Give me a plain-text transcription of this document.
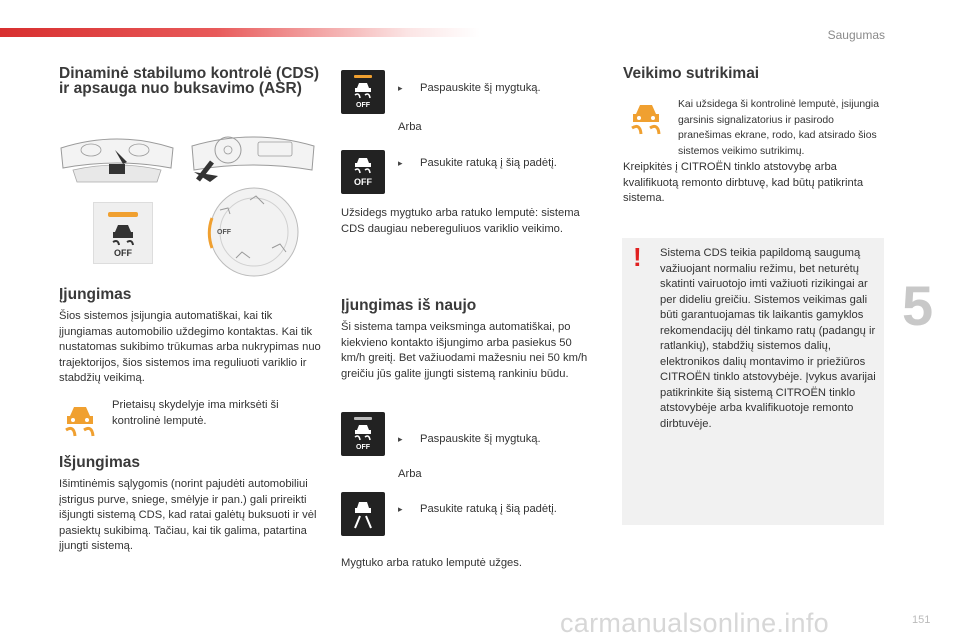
Saugumas

Dinaminė stabilumo kontrolė (CDS) ir apsauga nuo buksavimo (ASR)

OFF
OFF

Įjungimas

Šios sistemos įsijungia automatiškai, kai tik įjungiamas automobilio uždegimo kontaktas. Kai tik nustatomas sukibimo trūkumas arba nukrypimas nuo trajektorijos, šios sistemos ima reguliuoti variklio ir stabdžių veikimą.

Prietaisų skydelyje ima mirksėti ši kontrolinė lemputė.

Išjungimas

Išimtinėmis sąlygomis (norint pajudėti automobiliui įstrigus purve, sniege, smėlyje ir pan.) gali prireikti išjungti sistemą CDS, kad ratai galėtų buksuoti ir vėl pasiektų sukibimą. Tačiau, kai tik galima, patartina įjungti sistemą.

OFF
▸ Paspauskite šį mygtuką.
Arba
OFF
▸ Pasukite ratuką į šią padėtį.

Užsidegs mygtuko arba ratuko lemputė: sistema CDS daugiau nebereguliuos variklio veikimo.

Įjungimas iš naujo

Ši sistema tampa veiksminga automatiškai, po kiekvieno kontakto išjungimo arba pasiekus 50 km/h greitį. Bet važiuodami mažesniu nei 50 km/h greičiu jūs galite įjungti sistemą rankiniu būdu.

OFF
▸ Paspauskite šį mygtuką.
Arba
▸ Pasukite ratuką į šią padėtį.
Mygtuko arba ratuko lemputė užges.

Veikimo sutrikimai

Kai užsidega ši kontrolinė lemputė, įsijungia garsinis signalizatorius ir pasirodo pranešimas ekrane, rodo, kad atsirado šios sistemos veikimo sutrikimų.

Kreipkitės į CITROËN tinklo atstovybę arba kvalifikuotą remonto dirbtuvę, kad būtų patikrinta sistema.

! Sistema CDS teikia papildomą saugumą važiuojant normaliu režimu, bet neturėtų skatinti vairuotojo imti važiuoti rizikingai ar per dideliu greičiu. Sistemos veikimas gali būti garantuojamas tik laikantis gamyklos rekomendacijų dėl tinkamo ratų (padangų ir ratlankių), stabdžių sistemos dalių, elektronikos dalių montavimo ir priežiūros CITROËN tinklo atstovybėje. Įvykus avarijai patikrinkite šią sistemą CITROËN tinklo atstovybėje arba kvalifikuotoje remonto dirbtuvėje.

5
carmanualsonline.info	151
